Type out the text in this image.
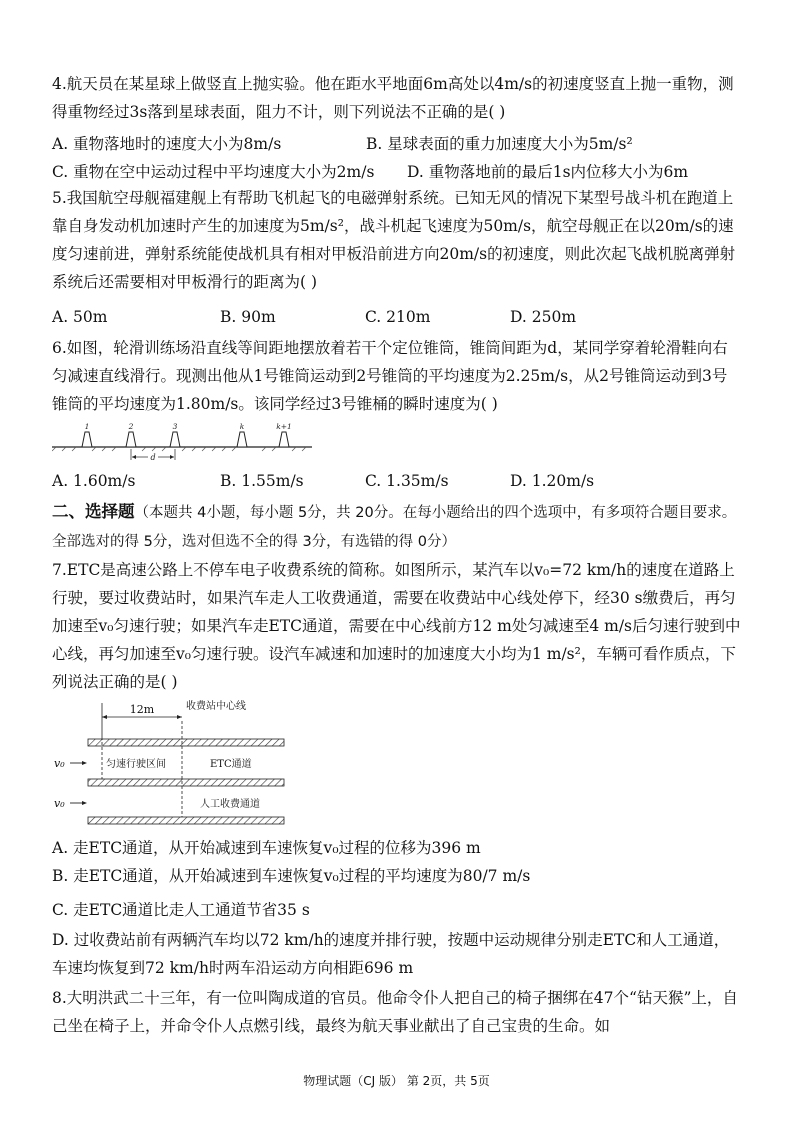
4.航天员在某星球上做竖直上抛实验。他在距水平地面6m高处以4m/s的初速度竖直上抛一重物，测得重物经过3s落到星球表面，阻力不计，则下列说法不正确的是( )

A. 重物落地时的速度大小为8m/s	B. 星球表面的重力加速度大小为5m/s²
C. 重物在空中运动过程中平均速度大小为2m/s D. 重物落地前的最后1s内位移大小为6m

5.我国航空母舰福建舰上有帮助飞机起飞的电磁弹射系统。已知无风的情况下某型号战斗机在跑道上靠自身发动机加速时产生的加速度为5m/s²，战斗机起飞速度为50m/s，航空母舰正在以20m/s的速度匀速前进，弹射系统能使战机具有相对甲板沿前进方向20m/s的初速度，则此次起飞战机脱离弹射系统后还需要相对甲板滑行的距离为( )

A. 50m	B. 90m	C. 210m	D. 250m

6.如图，轮滑训练场沿直线等间距地摆放着若干个定位锥筒，锥筒间距为d，某同学穿着轮滑鞋向右匀减速直线滑行。现测出他从1号锥筒运动到2号锥筒的平均速度为2.25m/s，从2号锥筒运动到3号锥筒的平均速度为1.80m/s。该同学经过3号锥桶的瞬时速度为( )

1	2	3	k	k+1
d
A. 1.60m/s	B. 1.55m/s	C. 1.35m/s	D. 1.20m/s

二、选择题（本题共 4小题，每小题 5分，共 20分。在每小题给出的四个选项中，有多项符合题目要求。全部选对的得 5分，选对但选不全的得 3分，有选错的得 0分）

7.ETC是高速公路上不停车电子收费系统的简称。如图所示，某汽车以v₀=72 km/h的速度在道路上行驶，要过收费站时，如果汽车走人工收费通道，需要在收费站中心线处停下，经30 s缴费后，再匀加速至v₀匀速行驶；如果汽车走ETC通道，需要在中心线前方12 m处匀减速至4 m/s后匀速行驶到中心线，再匀加速至v₀匀速行驶。设汽车减速和加速时的加速度大小均为1 m/s²，车辆可看作质点，下列说法正确的是( )

12m	收费站中心线
匀速行驶区间	ETC通道
人工收费通道
v₀
v₀

A. 走ETC通道，从开始减速到车速恢复v₀过程的位移为396 m

B. 走ETC通道，从开始减速到车速恢复v₀过程的平均速度为80/7 m/s

C. 走ETC通道比走人工通道节省35 s

D. 过收费站前有两辆汽车均以72 km/h的速度并排行驶，按题中运动规律分别走ETC和人工通道，车速均恢复到72 km/h时两车沿运动方向相距696 m

8.大明洪武二十三年，有一位叫陶成道的官员。他命令仆人把自己的椅子捆绑在47个“钻天猴”上，自己坐在椅子上，并命令仆人点燃引线，最终为航天事业献出了自己宝贵的生命。如

物理试题（CJ 版） 第 2页，共 5页
